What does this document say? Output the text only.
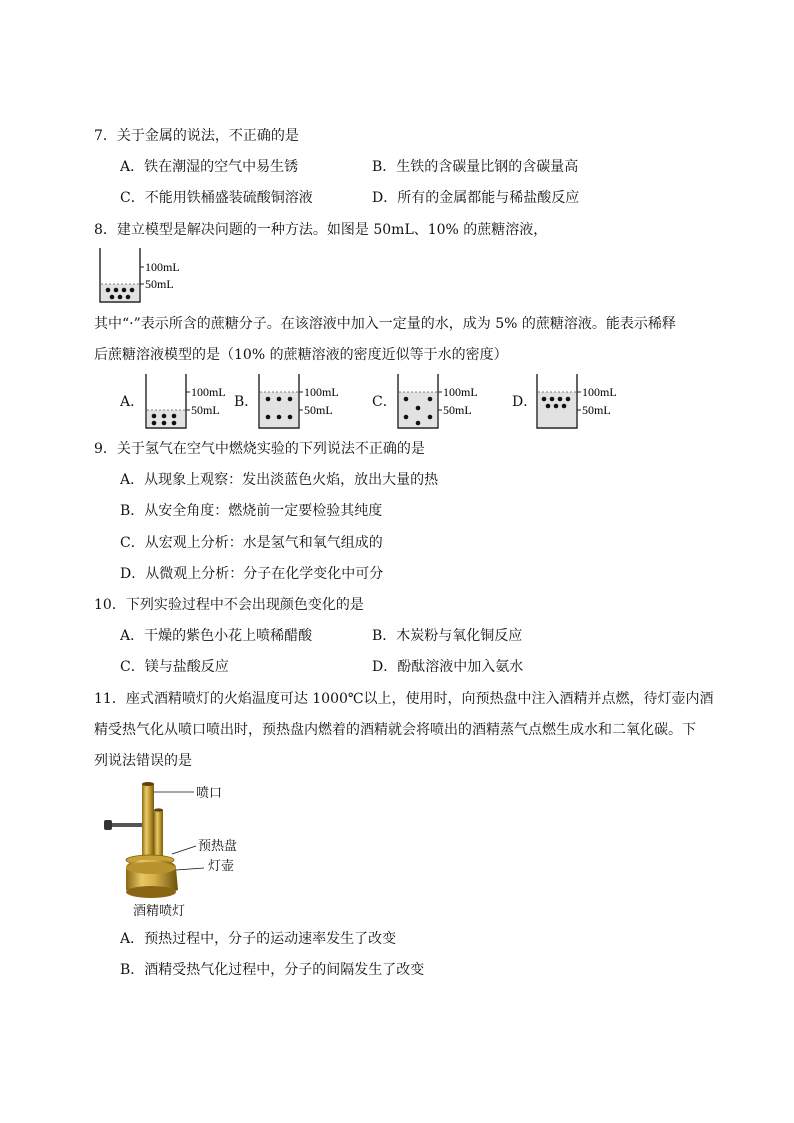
7．关于金属的说法，不正确的是
A．铁在潮湿的空气中易生锈	B．生铁的含碳量比钢的含碳量高
C．不能用铁桶盛装硫酸铜溶液	D．所有的金属都能与稀盐酸反应
8．建立模型是解决问题的一种方法。如图是 50mL、10% 的蔗糖溶液，
100mL
50mL
其中“·”表示所含的蔗糖分子。在该溶液中加入一定量的水，成为 5% 的蔗糖溶液。能表示稀释
后蔗糖溶液模型的是（10% 的蔗糖溶液的密度近似等于水的密度）
A．
100mL
50mL B．
100mL
50mL	C．
100mL
50mL	D．
100mL
50mL
9．关于氢气在空气中燃烧实验的下列说法不正确的是
A．从现象上观察：发出淡蓝色火焰，放出大量的热
B．从安全角度：燃烧前一定要检验其纯度
C．从宏观上分析：水是氢气和氧气组成的
D．从微观上分析：分子在化学变化中可分
10．下列实验过程中不会出现颜色变化的是
A．干燥的紫色小花上喷稀醋酸	B．木炭粉与氧化铜反应
C．镁与盐酸反应	D．酚酞溶液中加入氨水
11．座式酒精喷灯的火焰温度可达 1000℃以上，使用时，向预热盘中注入酒精并点燃，待灯壶内酒
精受热气化从喷口喷出时，预热盘内燃着的酒精就会将喷出的酒精蒸气点燃生成水和二氧化碳。下
列说法错误的是
喷口
预热盘
灯壶
酒精喷灯
A．预热过程中，分子的运动速率发生了改变
B．酒精受热气化过程中，分子的间隔发生了改变
